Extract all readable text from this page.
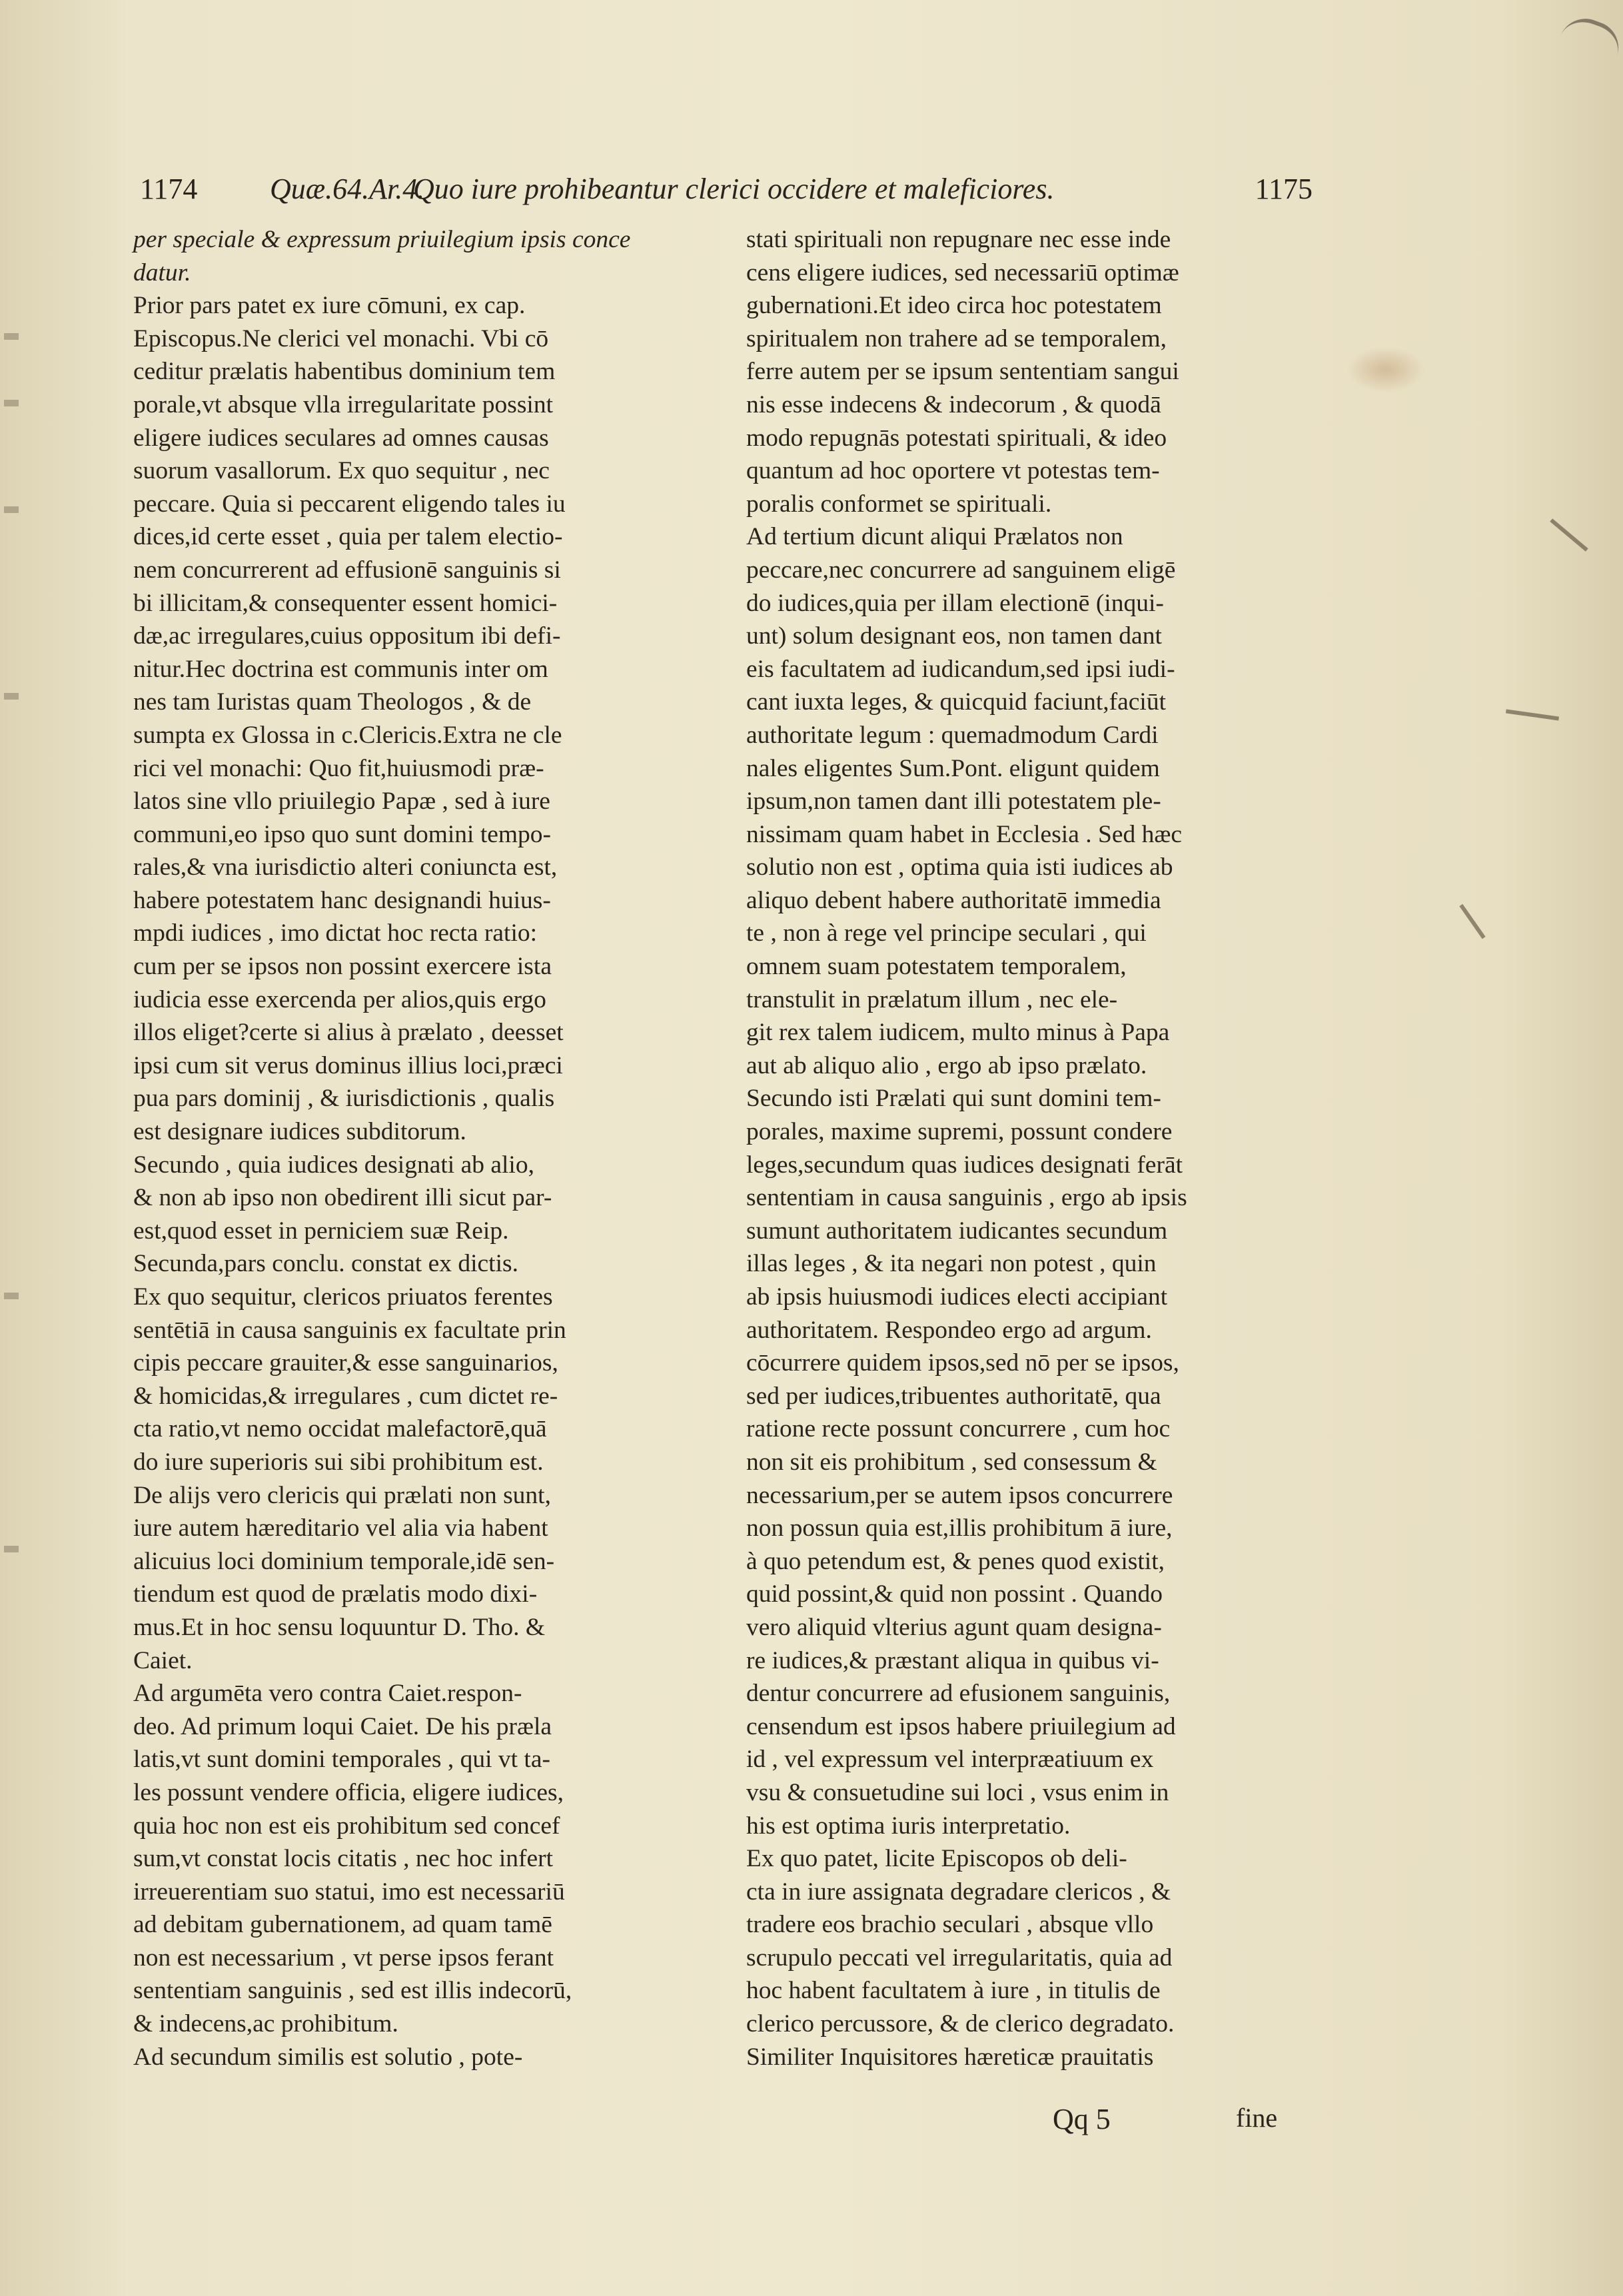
1174 Quæ.64.Ar.4.
Quo iure prohibeantur clerici occidere et maleficiores.	1175
per speciale & expressum priuilegium ipsis conce
datur.
Prior pars patet ex iure cōmuni, ex cap.
Episcopus.Ne clerici vel monachi. Vbi cō
ceditur prælatis habentibus dominium tem
porale,vt absque vlla irregularitate possint
eligere iudices seculares ad omnes causas
suorum vasallorum. Ex quo sequitur , nec
peccare. Quia si peccarent eligendo tales iu
dices,id certe esset , quia per talem electio-
nem concurrerent ad effusionē sanguinis si
bi illicitam,& consequenter essent homici-
dæ,ac irregulares,cuius oppositum ibi defi-
nitur.Hec doctrina est communis inter om
nes tam Iuristas quam Theologos , & de
sumpta ex Glossa in c.Clericis.Extra ne cle
rici vel monachi: Quo fit,huiusmodi præ-
latos sine vllo priuilegio Papæ , sed à iure
communi,eo ipso quo sunt domini tempo-
rales,& vna iurisdictio alteri coniuncta est,
habere potestatem hanc designandi huius-
mpdi iudices , imo dictat hoc recta ratio:
cum per se ipsos non possint exercere ista
iudicia esse exercenda per alios,quis ergo
illos eliget?certe si alius à prælato , deesset
ipsi cum sit verus dominus illius loci,præci
pua pars dominij , & iurisdictionis , qualis
est designare iudices subditorum.
Secundo , quia iudices designati ab alio,
& non ab ipso non obedirent illi sicut par-
est,quod esset in perniciem suæ Reip.
Secunda,pars conclu. constat ex dictis.
Ex quo sequitur, clericos priuatos ferentes
sentētiā in causa sanguinis ex facultate prin
cipis peccare grauiter,& esse sanguinarios,
& homicidas,& irregulares , cum dictet re-
cta ratio,vt nemo occidat malefactorē,quā
do iure superioris sui sibi prohibitum est.
De alijs vero clericis qui prælati non sunt,
iure autem hæreditario vel alia via habent
alicuius loci dominium temporale,idē sen-
tiendum est quod de prælatis modo dixi-
mus.Et in hoc sensu loquuntur D. Tho. &
Caiet.
Ad argumēta vero contra Caiet.respon-
deo. Ad primum loqui Caiet. De his præla
latis,vt sunt domini temporales , qui vt ta-
les possunt vendere officia, eligere iudices,
quia hoc non est eis prohibitum sed concef
sum,vt constat locis citatis , nec hoc infert
irreuerentiam suo statui, imo est necessariū
ad debitam gubernationem, ad quam tamē
non est necessarium , vt perse ipsos ferant
sententiam sanguinis , sed est illis indecorū,
& indecens,ac prohibitum.
Ad secundum similis est solutio , pote-
stati spirituali non repugnare nec esse inde
cens eligere iudices, sed necessariū optimæ
gubernationi.Et ideo circa hoc potestatem
spiritualem non trahere ad se temporalem,
ferre autem per se ipsum sententiam sangui
nis esse indecens & indecorum , & quodā
modo repugnās potestati spirituali, & ideo
quantum ad hoc oportere vt potestas tem-
poralis conformet se spirituali.
Ad tertium dicunt aliqui Prælatos non
peccare,nec concurrere ad sanguinem eligē
do iudices,quia per illam electionē (inqui-
unt) solum designant eos, non tamen dant
eis facultatem ad iudicandum,sed ipsi iudi-
cant iuxta leges, & quicquid faciunt,faciūt
authoritate legum : quemadmodum Cardi
nales eligentes Sum.Pont. eligunt quidem
ipsum,non tamen dant illi potestatem ple-
nissimam quam habet in Ecclesia . Sed hæc
solutio non est , optima quia isti iudices ab
aliquo debent habere authoritatē immedia
te , non à rege vel principe seculari , qui
omnem suam potestatem temporalem,
transtulit in prælatum illum , nec ele-
git rex talem iudicem, multo minus à Papa
aut ab aliquo alio , ergo ab ipso prælato.
Secundo isti Prælati qui sunt domini tem-
porales, maxime supremi, possunt condere
leges,secundum quas iudices designati ferāt
sententiam in causa sanguinis , ergo ab ipsis
sumunt authoritatem iudicantes secundum
illas leges , & ita negari non potest , quin
ab ipsis huiusmodi iudices electi accipiant
authoritatem. Respondeo ergo ad argum.
cōcurrere quidem ipsos,sed nō per se ipsos,
sed per iudices,tribuentes authoritatē, qua
ratione recte possunt concurrere , cum hoc
non sit eis prohibitum , sed consessum &
necessarium,per se autem ipsos concurrere
non possun quia est,illis prohibitum ā iure,
à quo petendum est, & penes quod existit,
quid possint,& quid non possint . Quando
vero aliquid vlterius agunt quam designa-
re iudices,& præstant aliqua in quibus vi-
dentur concurrere ad efusionem sanguinis,
censendum est ipsos habere priuilegium ad
id , vel expressum vel interpræatiuum ex
vsu & consuetudine sui loci , vsus enim in
his est optima iuris interpretatio.
Ex quo patet, licite Episcopos ob deli-
cta in iure assignata degradare clericos , &
tradere eos brachio seculari , absque vllo
scrupulo peccati vel irregularitatis, quia ad
hoc habent facultatem à iure , in titulis de
clerico percussore, & de clerico degradato.
Similiter Inquisitores hæreticæ prauitatis
Qq 5	fine
